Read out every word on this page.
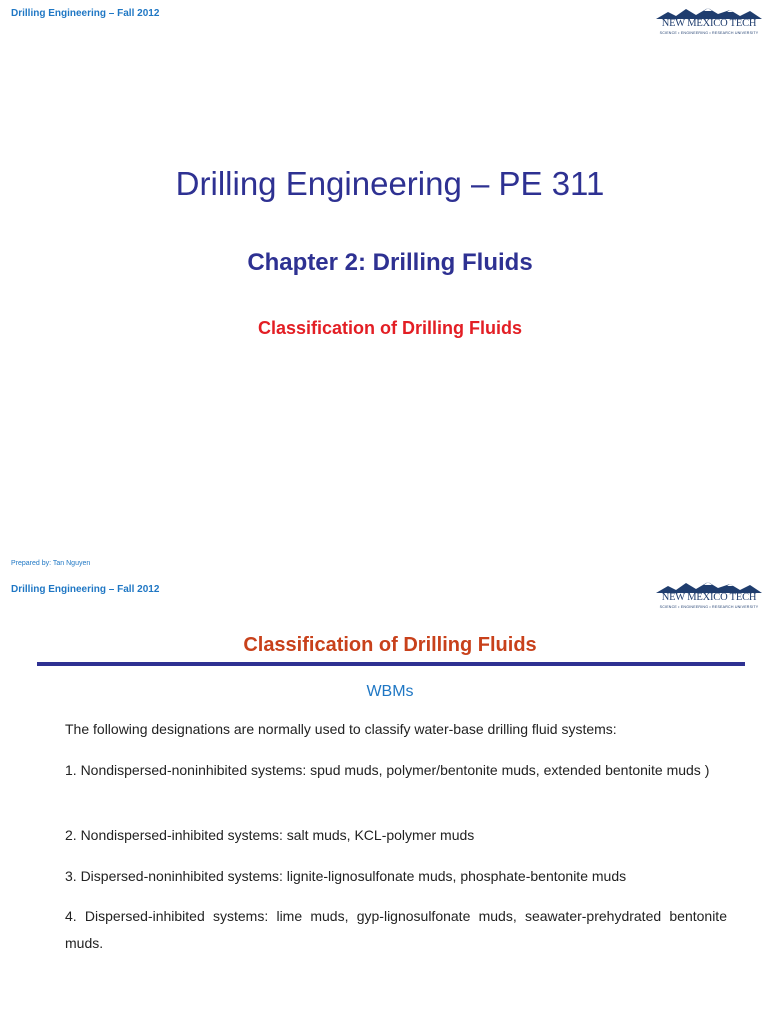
Drilling Engineering – Fall 2012
NEW MEXICO TECH
SCIENCE • ENGINEERING • RESEARCH UNIVERSITY
Drilling Engineering – PE 311
Chapter 2: Drilling Fluids
Classification of Drilling Fluids
Prepared by: Tan Nguyen
Drilling Engineering – Fall 2012
NEW MEXICO TECH
SCIENCE • ENGINEERING • RESEARCH UNIVERSITY
Classification of Drilling Fluids
WBMs
The following designations are normally used to classify water-base drilling fluid systems:
1. Nondispersed-noninhibited systems: spud muds, polymer/bentonite muds, extended bentonite muds )
2. Nondispersed-inhibited systems: salt muds, KCL-polymer muds
3. Dispersed-noninhibited systems: lignite-lignosulfonate muds, phosphate-bentonite muds
4. Dispersed-inhibited systems: lime muds, gyp-lignosulfonate muds, seawater-prehydrated bentonite muds.
